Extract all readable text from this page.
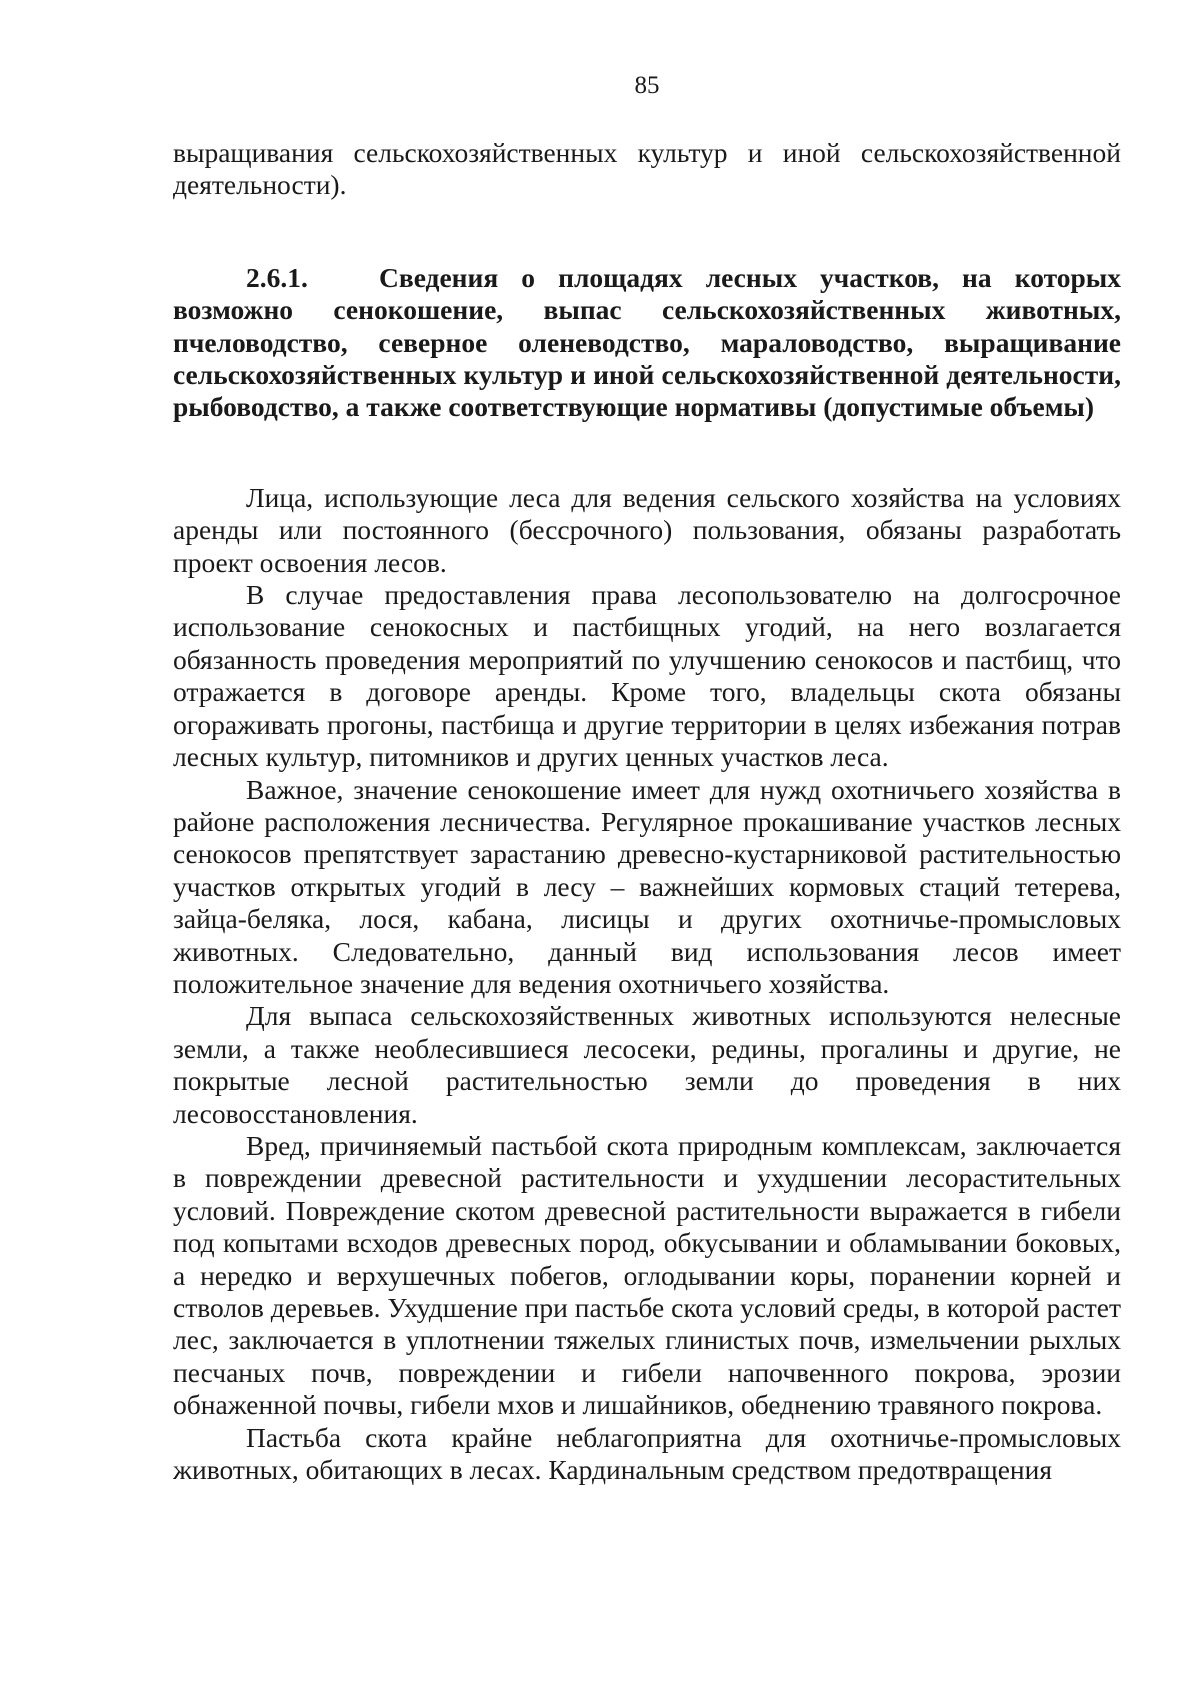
85

выращивания сельскохозяйственных культур и иной сельскохозяйственной деятельности).

2.6.1.	Сведения о площадях лесных участков, на которых возможно сенокошение, выпас сельскохозяйственных животных, пчеловодство, северное оленеводство, мараловодство, выращивание сельскохозяйственных культур и иной сельскохозяйственной деятельности, рыбоводство, а также соответствующие нормативы (допустимые объемы)

Лица, использующие леса для ведения сельского хозяйства на условиях аренды или постоянного (бессрочного) пользования, обязаны разработать проект освоения лесов.

В случае предоставления права лесопользователю на долгосрочное использование сенокосных и пастбищных угодий, на него возлагается обязанность проведения мероприятий по улучшению сенокосов и пастбищ, что отражается в договоре аренды. Кроме того, владельцы скота обязаны огораживать прогоны, пастбища и другие территории в целях избежания потрав лесных культур, питомников и других ценных участков леса.

Важное, значение сенокошение имеет для нужд охотничьего хозяйства в районе расположения лесничества. Регулярное прокашивание участков лесных сенокосов препятствует зарастанию древесно-кустарниковой растительностью участков открытых угодий в лесу – важнейших кормовых стаций тетерева, зайца-беляка, лося, кабана, лисицы и других охотничье-промысловых животных. Следовательно, данный вид использования лесов имеет положительное значение для ведения охотничьего хозяйства.

Для выпаса сельскохозяйственных животных используются нелесные земли, а также необлесившиеся лесосеки, редины, прогалины и другие, не покрытые лесной растительностью земли до проведения в них лесовосстановления.

Вред, причиняемый пастьбой скота природным комплексам, заключается в повреждении древесной растительности и ухудшении лесорастительных условий. Повреждение скотом древесной растительности выражается в гибели под копытами всходов древесных пород, обкусывании и обламывании боковых, а нередко и верхушечных побегов, оглодывании коры, поранении корней и стволов деревьев. Ухудшение при пастьбе скота условий среды, в которой растет лес, заключается в уплотнении тяжелых глинистых почв, измельчении рыхлых песчаных почв, повреждении и гибели напочвенного покрова, эрозии обнаженной почвы, гибели мхов и лишайников, обеднению травяного покрова.

Пастьба скота крайне неблагоприятна для охотничье-промысловых животных, обитающих в лесах. Кардинальным средством предотвращения
